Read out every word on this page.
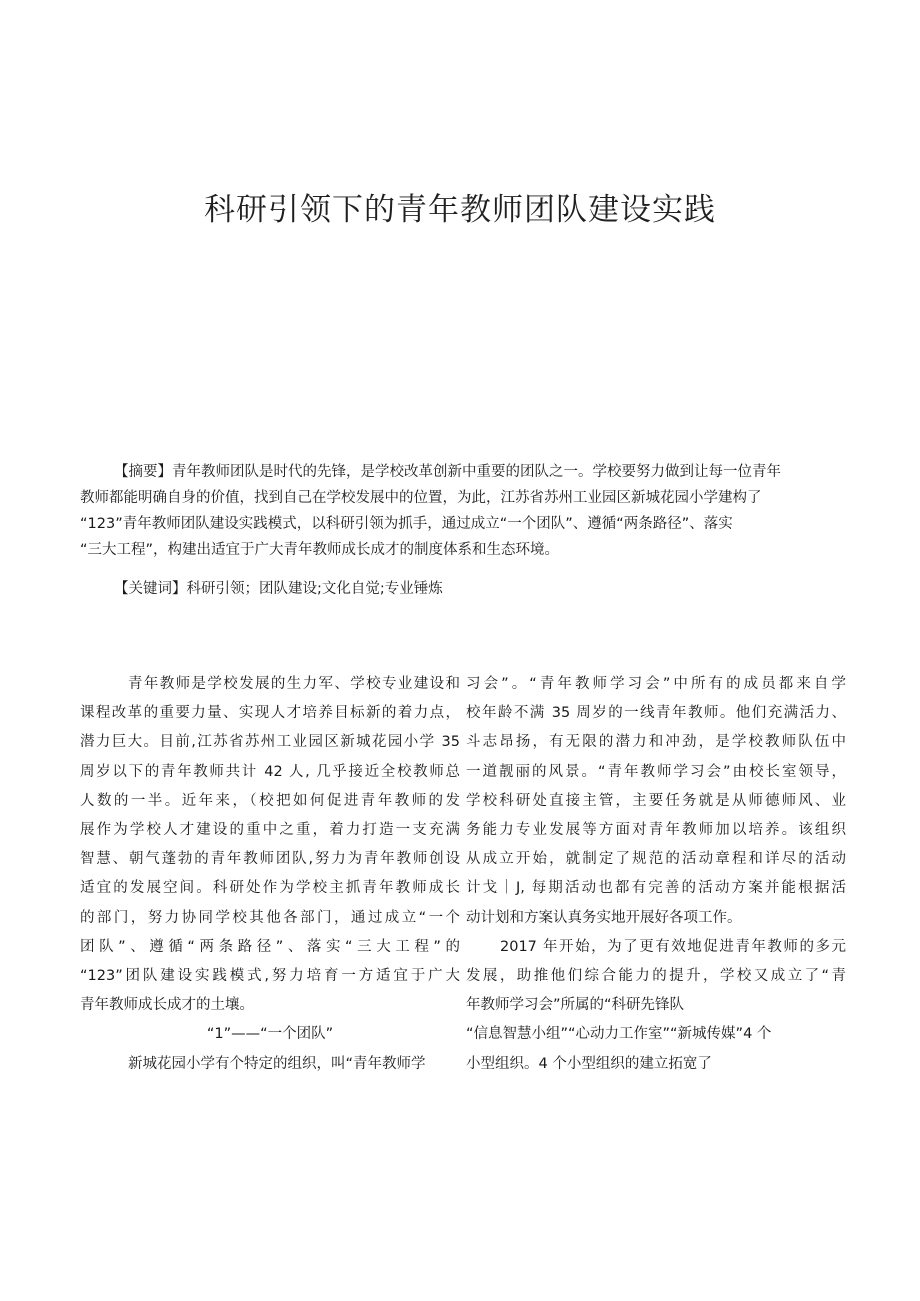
科研引领下的青年教师团队建设实践
【摘要】青年教师团队是时代的先锋，是学校改革创新中重要的团队之一。学校要努力做到让每一位青年
教师都能明确自身的价值，找到自己在学校发展中的位置，为此，江苏省苏州工业园区新城花园小学建构了
“123”青年教师团队建设实践模式，以科研引领为抓手，通过成立“一个团队”、遵循“两条路径”、落实
“三大工程”，构建出适宜于广大青年教师成长成才的制度体系和生态环境。
【关键词】科研引领；团队建设;文化自觉;专业锤炼
青年教师是学校发展的生力军、学校专业建设和
课程改革的重要力量、实现人才培养目标新的着力点，
潜力巨大。目前,江苏省苏州工业园区新城花园小学 35
周岁以下的青年教师共计 42 人, 几乎接近全校教师总
人数的一半。近年来，（校把如何促进青年教师的发
展作为学校人才建设的重中之重，着力打造一支充满
智慧、朝气蓬勃的青年教师团队,努力为青年教师创设
适宜的发展空间。科研处作为学校主抓青年教师成长
的部门，努力协同学校其他各部门，通过成立“一个
团队”、遵循“两条路径”、落实“三大工程”的
“123”团队建设实践模式,努力培育一方适宜于广大
青年教师成长成才的土壤。
“1”——“一个团队”
新城花园小学有个特定的组织，叫“青年教师学
习会”。“青年教师学习会”中所有的成员都来自学
校年龄不满 35 周岁的一线青年教师。他们充满活力、
斗志昂扬，有无限的潜力和冲劲，是学校教师队伍中
一道靓丽的风景。“青年教师学习会”由校长室领导，
学校科研处直接主管，主要任务就是从师德师风、业
务能力专业发展等方面对青年教师加以培养。该组织
从成立开始，就制定了规范的活动章程和详尽的活动
计戈｜J, 每期活动也都有完善的活动方案并能根据活
动计划和方案认真务实地开展好各项工作。
2017 年开始，为了更有效地促进青年教师的多元
发展，助推他们综合能力的提升，学校又成立了“青
年教师学习会”所属的“科研先锋队
“信息智慧小组”“心动力工作室”“新城传媒”4 个
小型组织。4 个小型组织的建立拓宽了
